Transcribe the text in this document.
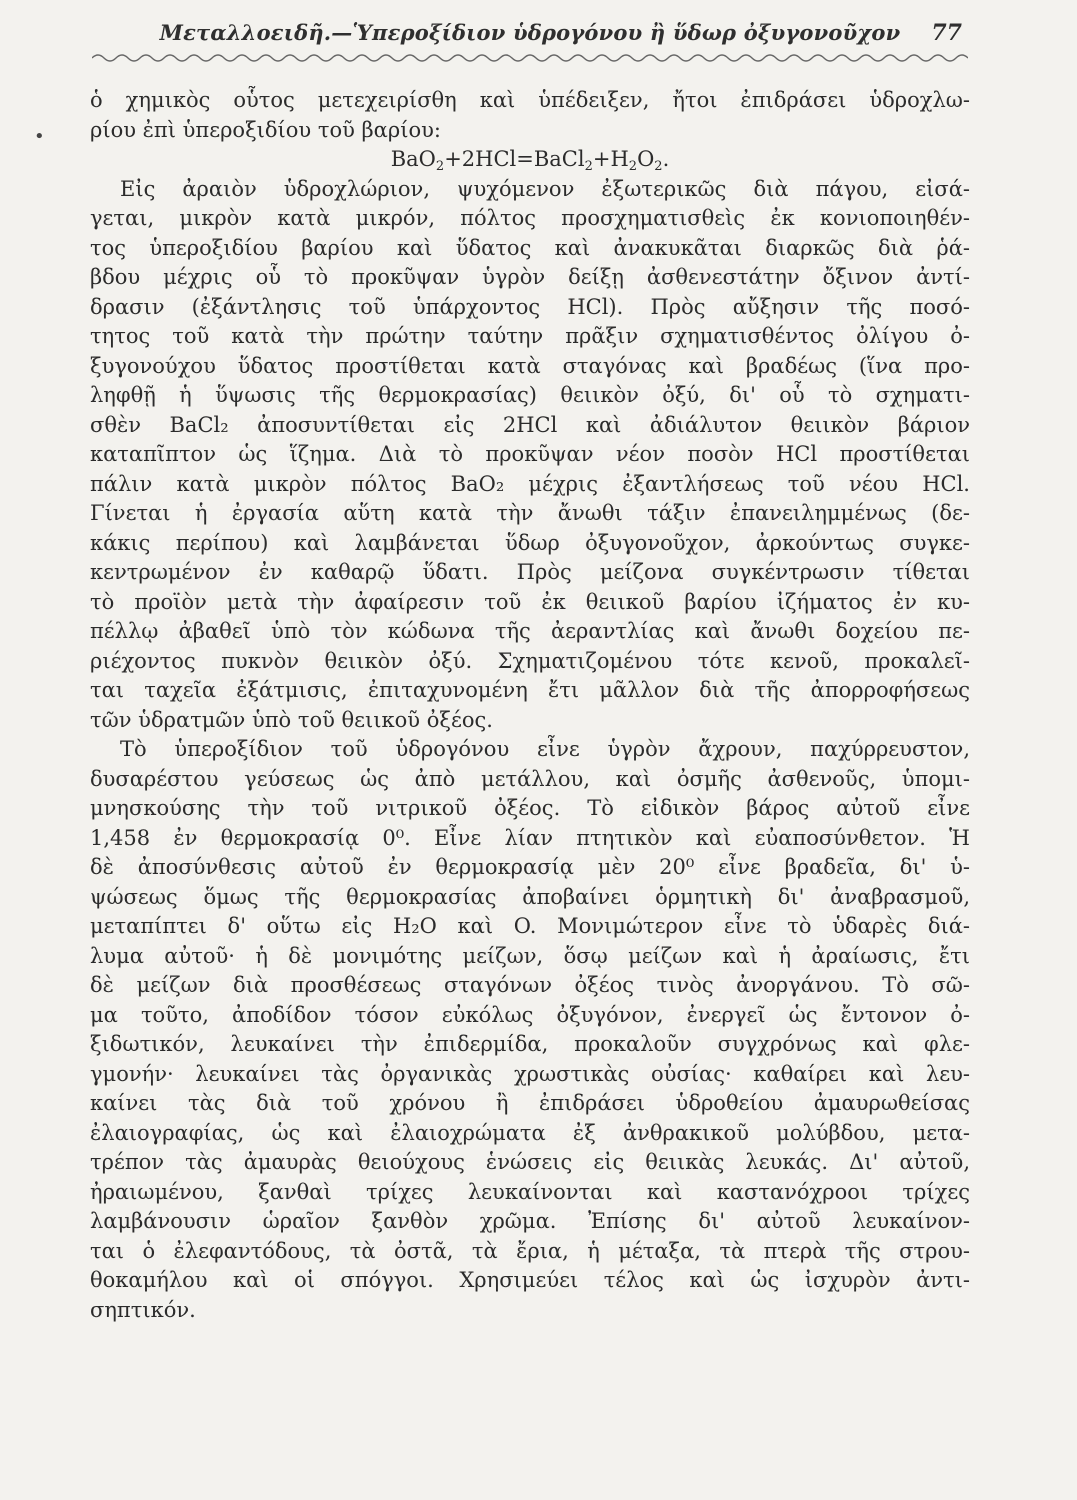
Μεταλλοειδῆ.—Ὑπεροξίδιον ὑδρογόνου ἢ ὕδωρ ὀξυγονοῦχον	77
•
ὁ χημικὸς οὗτος μετεχειρίσθη καὶ ὑπέδειξεν, ἤτοι ἐπιδράσει ὑδροχλω-
ρίου ἐπὶ ὑπεροξιδίου τοῦ βαρίου:
$BaO_2+2HCl=BaCl_2+H_2O_2$.
Εἰς ἀραιὸν ὑδροχλώριον, ψυχόμενον ἐξωτερικῶς διὰ πάγου, εἰσά-
γεται, μικρὸν κατὰ μικρόν, πόλτος προσχηματισθεὶς ἐκ κονιοποιηθέν-
τος ὑπεροξιδίου βαρίου καὶ ὕδατος καὶ ἀνακυκᾶται διαρκῶς διὰ ῥά-
βδου μέχρις οὗ τὸ προκῦψαν ὑγρὸν δείξῃ ἀσθενεστάτην ὄξινον ἀντί-
δρασιν (ἐξάντλησις τοῦ ὑπάρχοντος HCl). Πρὸς αὔξησιν τῆς ποσό-
τητος τοῦ κατὰ τὴν πρώτην ταύτην πρᾶξιν σχηματισθέντος ὀλίγου ὀ-
ξυγονούχου ὕδατος προστίθεται κατὰ σταγόνας καὶ βραδέως (ἵνα προ-
ληφθῇ ἡ ὕψωσις τῆς θερμοκρασίας) θειικὸν ὀξύ, δι' οὗ τὸ σχηματι-
σθὲν BaCl₂ ἀποσυντίθεται εἰς 2HCl καὶ ἀδιάλυτον θειικὸν βάριον
καταπῖπτον ὡς ἵζημα. Διὰ τὸ προκῦψαν νέον ποσὸν HCl προστίθεται
πάλιν κατὰ μικρὸν πόλτος BaO₂ μέχρις ἐξαντλήσεως τοῦ νέου HCl.
Γίνεται ἡ ἐργασία αὕτη κατὰ τὴν ἄνωθι τάξιν ἐπανειλημμένως (δε-
κάκις περίπου) καὶ λαμβάνεται ὕδωρ ὀξυγονοῦχον, ἀρκούντως συγκε-
κεντρωμένον ἐν καθαρῷ ὕδατι. Πρὸς μείζονα συγκέντρωσιν τίθεται
τὸ προϊὸν μετὰ τὴν ἀφαίρεσιν τοῦ ἐκ θειικοῦ βαρίου ἰζήματος ἐν κυ-
πέλλῳ ἀβαθεῖ ὑπὸ τὸν κώδωνα τῆς ἀεραντλίας καὶ ἄνωθι δοχείου πε-
ριέχοντος πυκνὸν θειικὸν ὀξύ. Σχηματιζομένου τότε κενοῦ, προκαλεῖ-
ται ταχεῖα ἐξάτμισις, ἐπιταχυνομένη ἔτι μᾶλλον διὰ τῆς ἀπορροφήσεως
τῶν ὑδρατμῶν ὑπὸ τοῦ θειικοῦ ὀξέος.
Τὸ ὑπεροξίδιον τοῦ ὑδρογόνου εἶνε ὑγρὸν ἄχρουν, παχύρρευστον,
δυσαρέστου γεύσεως ὡς ἀπὸ μετάλλου, καὶ ὀσμῆς ἀσθενοῦς, ὑπομι-
μνησκούσης τὴν τοῦ νιτρικοῦ ὀξέος. Τὸ εἰδικὸν βάρος αὐτοῦ εἶνε
1,458 ἐν θερμοκρασίᾳ 0⁰. Εἶνε λίαν πτητικὸν καὶ εὐαποσύνθετον. Ἡ
δὲ ἀποσύνθεσις αὐτοῦ ἐν θερμοκρασίᾳ μὲν 20⁰ εἶνε βραδεῖα, δι' ὑ-
ψώσεως ὅμως τῆς θερμοκρασίας ἀποβαίνει ὁρμητικὴ δι' ἀναβρασμοῦ,
μεταπίπτει δ' οὕτω εἰς H₂O καὶ O. Μονιμώτερον εἶνε τὸ ὑδαρὲς διά-
λυμα αὐτοῦ· ἡ δὲ μονιμότης μείζων, ὅσῳ μείζων καὶ ἡ ἀραίωσις, ἔτι
δὲ μείζων διὰ προσθέσεως σταγόνων ὀξέος τινὸς ἀνοργάνου. Τὸ σῶ-
μα τοῦτο, ἀποδίδον τόσον εὐκόλως ὀξυγόνον, ἐνεργεῖ ὡς ἔντονον ὀ-
ξιδωτικόν, λευκαίνει τὴν ἐπιδερμίδα, προκαλοῦν συγχρόνως καὶ φλε-
γμονήν· λευκαίνει τὰς ὀργανικὰς χρωστικὰς οὐσίας· καθαίρει καὶ λευ-
καίνει τὰς διὰ τοῦ χρόνου ἢ ἐπιδράσει ὑδροθείου ἀμαυρωθείσας
ἐλαιογραφίας, ὡς καὶ ἐλαιοχρώματα ἐξ ἀνθρακικοῦ μολύβδου, μετα-
τρέπον τὰς ἀμαυρὰς θειούχους ἑνώσεις εἰς θειικὰς λευκάς. Δι' αὐτοῦ,
ἠραιωμένου, ξανθαὶ τρίχες λευκαίνονται καὶ καστανόχροοι τρίχες
λαμβάνουσιν ὡραῖον ξανθὸν χρῶμα. Ἐπίσης δι' αὐτοῦ λευκαίνον-
ται ὁ ἐλεφαντόδους, τὰ ὀστᾶ, τὰ ἔρια, ἡ μέταξα, τὰ πτερὰ τῆς στρου-
θοκαμήλου καὶ οἱ σπόγγοι. Χρησιμεύει τέλος καὶ ὡς ἰσχυρὸν ἀντι-
σηπτικόν.
